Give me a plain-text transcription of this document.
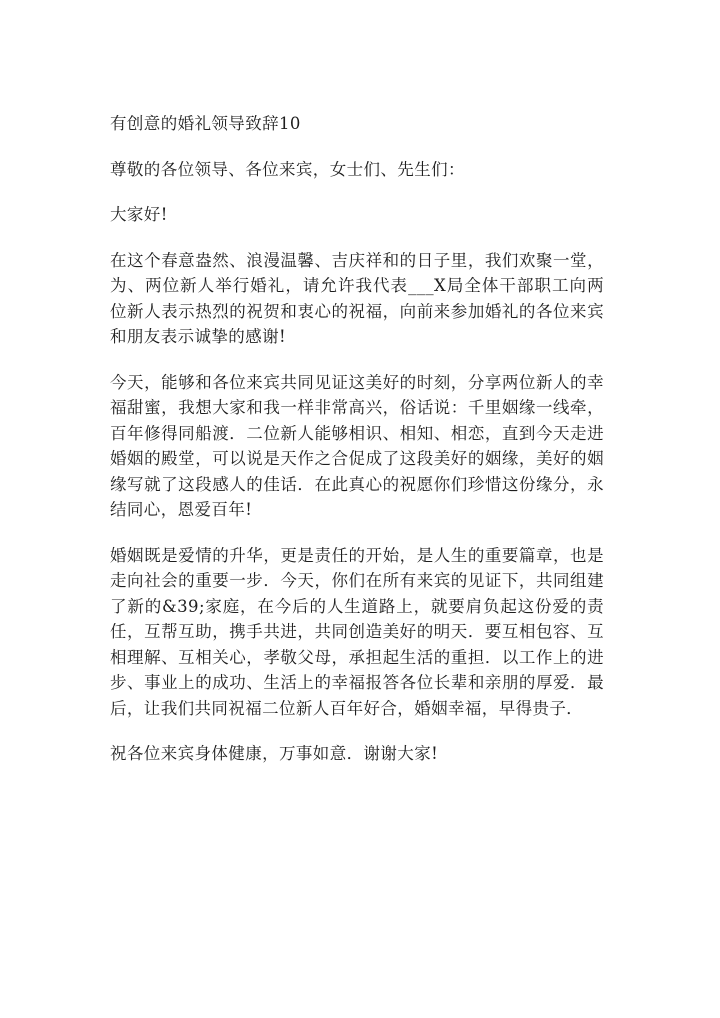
有创意的婚礼领导致辞10

尊敬的各位领导、各位来宾，女士们、先生们：

大家好!

在这个春意盎然、浪漫温馨、吉庆祥和的日子里，我们欢聚一堂，为、两位新人举行婚礼，请允许我代表___X局全体干部职工向两位新人表示热烈的祝贺和衷心的祝福，向前来参加婚礼的各位来宾和朋友表示诚挚的感谢!

今天，能够和各位来宾共同见证这美好的时刻，分享两位新人的幸福甜蜜，我想大家和我一样非常高兴，俗话说：千里姻缘一线牵，百年修得同船渡．二位新人能够相识、相知、相恋，直到今天走进婚姻的殿堂，可以说是天作之合促成了这段美好的姻缘，美好的姻缘写就了这段感人的佳话．在此真心的祝愿你们珍惜这份缘分，永结同心，恩爱百年!

婚姻既是爱情的升华，更是责任的开始，是人生的重要篇章，也是走向社会的重要一步．今天，你们在所有来宾的见证下，共同组建了新的&39;家庭，在今后的人生道路上，就要肩负起这份爱的责任，互帮互助，携手共进，共同创造美好的明天．要互相包容、互相理解、互相关心，孝敬父母，承担起生活的重担．以工作上的进步、事业上的成功、生活上的幸福报答各位长辈和亲朋的厚爱．最后，让我们共同祝福二位新人百年好合，婚姻幸福，早得贵子．

祝各位来宾身体健康，万事如意．谢谢大家!
